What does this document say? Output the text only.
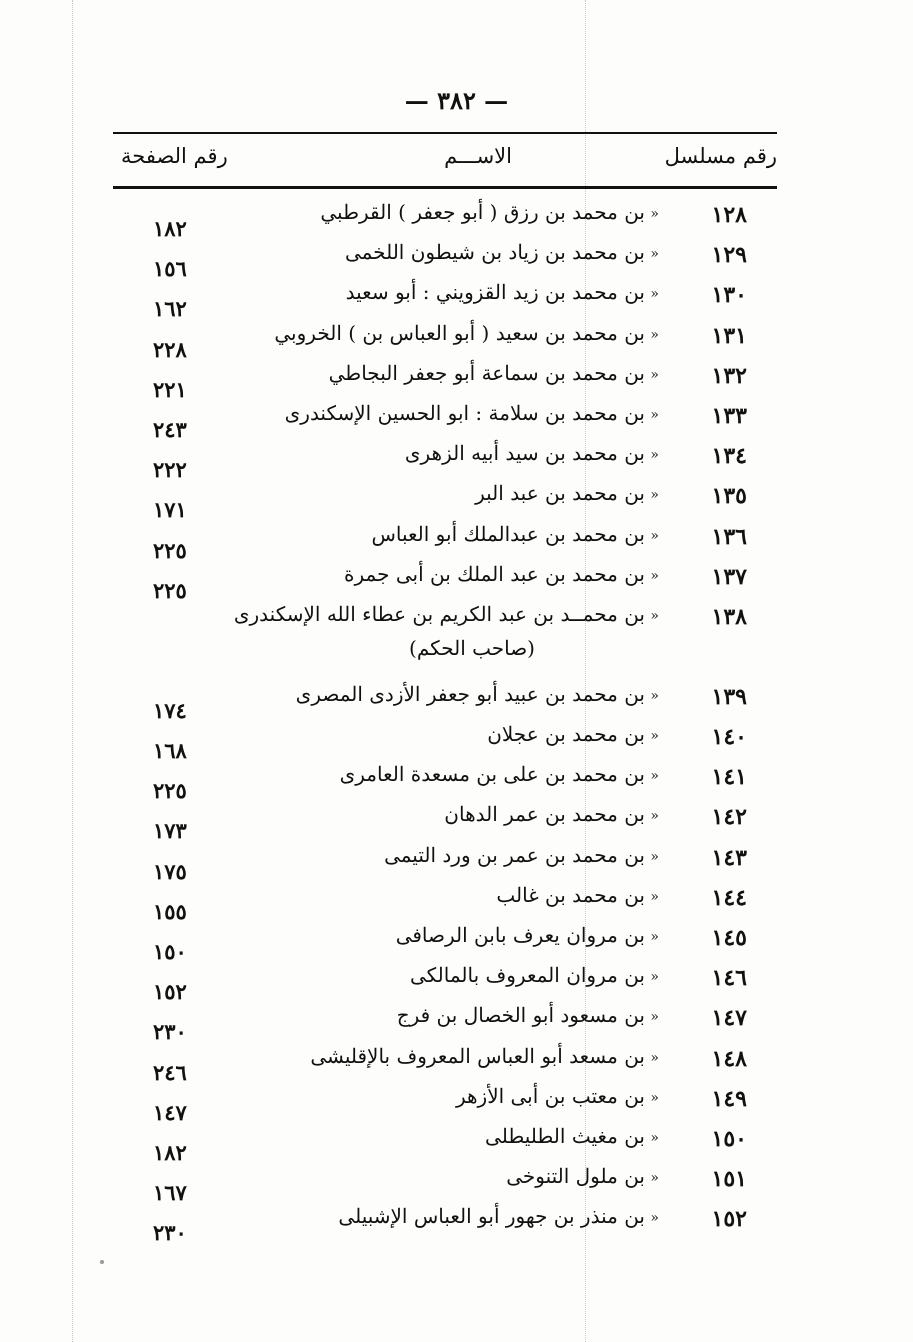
— ٣٨٢ —
رقم مسلسل
الاســـم
رقم الصفحة
١٢٨
«
بن محمد بن رزق ( أبو جعفر ) القرطبي
١٨٢
١٢٩
«
بن محمد بن زياد بن شيطون اللخمى
١٥٦
١٣٠
«
بن محمد بن زيد القزويني : أبو سعيد
١٦٢
١٣١
«
بن محمد بن سعيد ( أبو العباس بن ) الخروبي
٢٢٨
١٣٢
«
بن محمد بن سماعة أبو جعفر البجاطي
٢٢١
١٣٣
«
بن محمد بن سلامة : ابو الحسين الإسكندرى
٢٤٣
١٣٤
«
بن محمد بن سيد أبيه الزهرى
٢٢٢
١٣٥
«
بن محمد بن عبد البر
١٧١
١٣٦
«
بن محمد بن عبدالملك أبو العباس
٢٢٥
١٣٧
«
بن محمد بن عبد الملك بن أبى جمرة
٢٢٥
١٣٨
«
بن محمــد بن عبد الكريم بن عطاء الله الإسكندرى
(صاحب الحكم)
١٣٩
«
بن محمد بن عبيد أبو جعفر الأزدى المصرى
١٧٤
١٤٠
«
بن محمد بن عجلان
١٦٨
١٤١
«
بن محمد بن على بن مسعدة العامرى
٢٢٥
١٤٢
«
بن محمد بن عمر الدهان
١٧٣
١٤٣
«
بن محمد بن عمر بن ورد التيمى
١٧٥
١٤٤
«
بن محمد بن غالب
١٥٥
١٤٥
«
بن مروان يعرف بابن الرصافى
١٥٠
١٤٦
«
بن مروان المعروف بالمالكى
١٥٢
١٤٧
«
بن مسعود أبو الخصال بن فرج
٢٣٠
١٤٨
«
بن مسعد أبو العباس المعروف بالإقليشى
٢٤٦
١٤٩
«
بن معتب بن أبى الأزهر
١٤٧
١٥٠
«
بن مغيث الطليطلى
١٨٢
١٥١
«
بن ملول التنوخى
١٦٧
١٥٢
«
بن منذر بن جهور أبو العباس الإشبيلى
٢٣٠
